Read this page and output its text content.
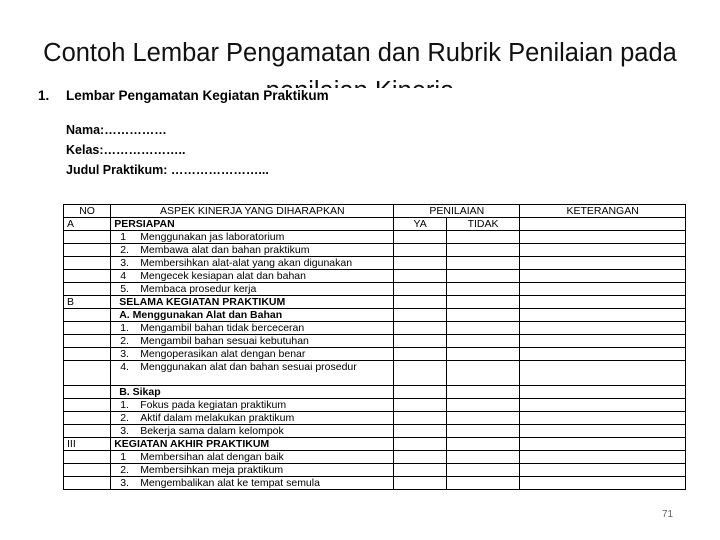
Contoh Lembar Pengamatan dan Rubrik Penilaian pada
1. Lembar Pengamatan Kegiatan Praktikum
Nama:……………
Kelas:………………..
Judul Praktikum: …………………...
NO	ASPEK KINERJA YANG DIHARAPKAN	PENILAIAN		KETERANGAN
A	PERSIAPAN	YA	TIDAK	
	1 Menggunakan jas laboratorium			
	2. Membawa alat dan bahan praktikum			
	3. Membersihkan alat-alat yang akan digunakan			
	4 Mengecek kesiapan alat dan bahan			
	5. Membaca prosedur kerja			
B	SELAMA KEGIATAN PRAKTIKUM			
	A. Menggunakan Alat dan Bahan			
	1. Mengambil bahan tidak berceceran			
	2. Mengambil bahan sesuai kebutuhan			
	3. Mengoperasikan alat dengan benar			
	4. Menggunakan alat dan bahan sesuai prosedur			
	B. Sikap			
	1. Fokus pada kegiatan praktikum			
	2. Aktif dalam melakukan praktikum			
	3. Bekerja sama dalam kelompok			
III	KEGIATAN AKHIR PRAKTIKUM			
	1 Membersihan alat dengan baik			
	2. Membersihkan meja praktikum			
	3. Mengembalikan alat ke tempat semula			
71
